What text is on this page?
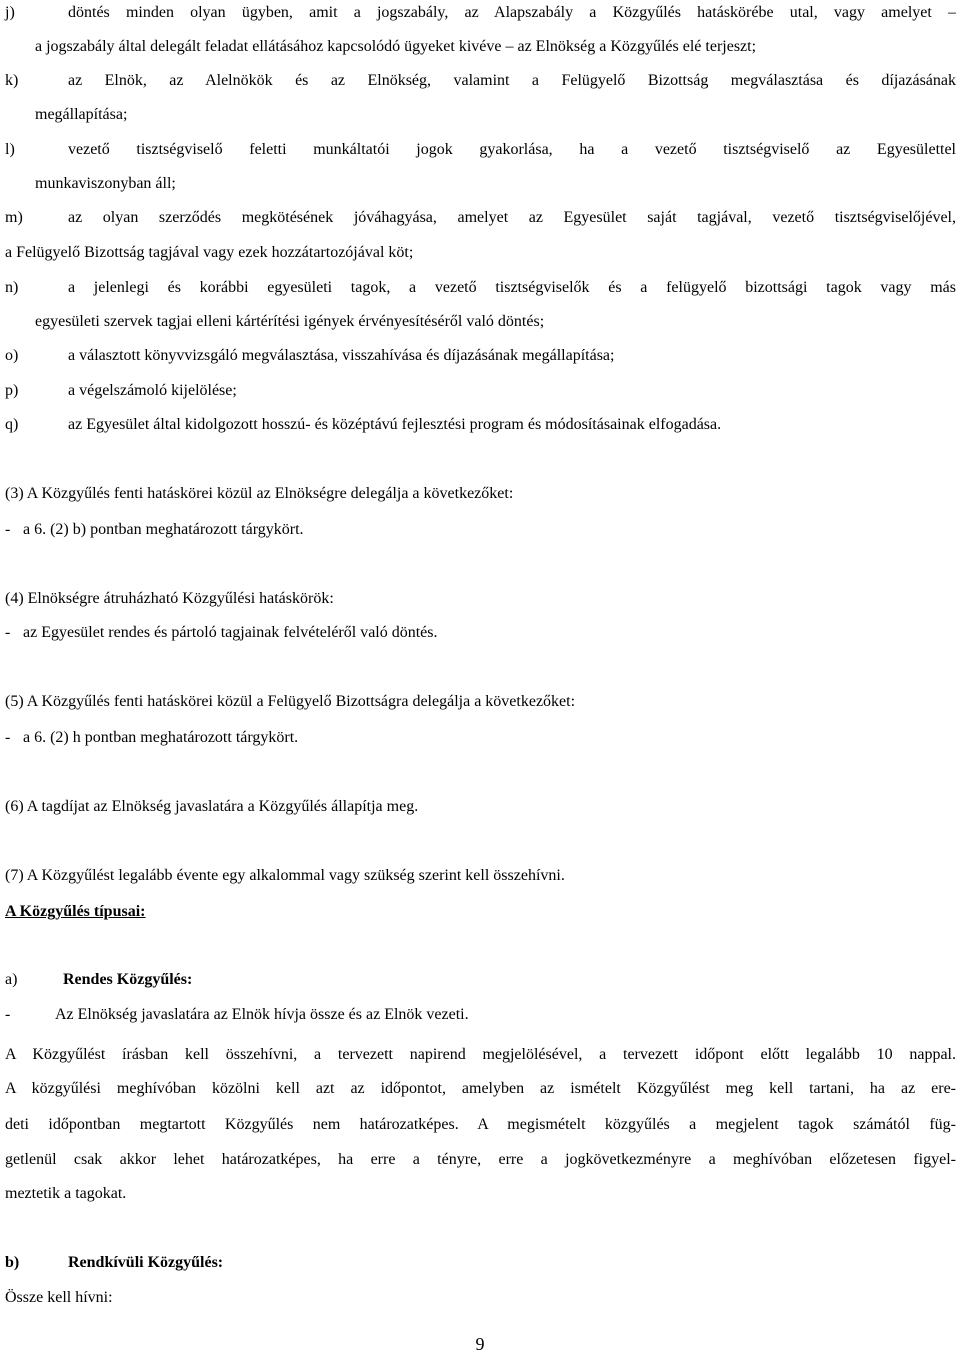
j)	döntés minden olyan ügyben, amit a jogszabály, az Alapszabály a Közgyűlés hatáskörébe utal, vagy amelyet –
a jogszabály által delegált feladat ellátásához kapcsolódó ügyeket kivéve – az Elnökség a Közgyűlés elé terjeszt;
k)	az Elnök, az Alelnökök és az Elnökség, valamint a Felügyelő Bizottság megválasztása és díjazásának
megállapítása;
l)	vezető tisztségviselő feletti munkáltatói jogok gyakorlása, ha a vezető tisztségviselő az Egyesülettel
munkaviszonyban áll;
m)	az olyan szerződés megkötésének jóváhagyása, amelyet az Egyesület saját tagjával, vezető tisztségviselőjével,
a Felügyelő Bizottság tagjával vagy ezek hozzátartozójával köt;
n)	a jelenlegi és korábbi egyesületi tagok, a vezető tisztségviselők és a felügyelő bizottsági tagok vagy más
egyesületi szervek tagjai elleni kártérítési igények érvényesítéséről való döntés;
o)	a választott könyvvizsgáló megválasztása, visszahívása és díjazásának megállapítása;
p)	a végelszámoló kijelölése;
q)	az Egyesület által kidolgozott hosszú- és középtávú fejlesztési program és módosításainak elfogadása.
(3) A Közgyűlés fenti hatáskörei közül az Elnökségre delegálja a következőket:
- a 6. (2) b) pontban meghatározott tárgykört.
(4) Elnökségre átruházható Közgyűlési hatáskörök:
- az Egyesület rendes és pártoló tagjainak felvételéről való döntés.
(5) A Közgyűlés fenti hatáskörei közül a Felügyelő Bizottságra delegálja a következőket:
- a 6. (2) h pontban meghatározott tárgykört.
(6) A tagdíjat az Elnökség javaslatára a Közgyűlés állapítja meg.
(7) A Közgyűlést legalább évente egy alkalommal vagy szükség szerint kell összehívni.
A Közgyűlés típusai:
a)	Rendes Közgyűlés:
-	Az Elnökség javaslatára az Elnök hívja össze és az Elnök vezeti.
A Közgyűlést írásban kell összehívni, a tervezett napirend megjelölésével, a tervezett időpont előtt legalább 10 nappal.
A közgyűlési meghívóban közölni kell azt az időpontot, amelyben az ismételt Közgyűlést meg kell tartani, ha az ere-
deti időpontban megtartott Közgyűlés nem határozatképes. A megismételt közgyűlés a megjelent tagok számától füg-
getlenül csak akkor lehet határozatképes, ha erre a tényre, erre a jogkövetkezményre a meghívóban előzetesen figyel-
meztetik a tagokat.
b)	Rendkívüli Közgyűlés:
Össze kell hívni:
9
